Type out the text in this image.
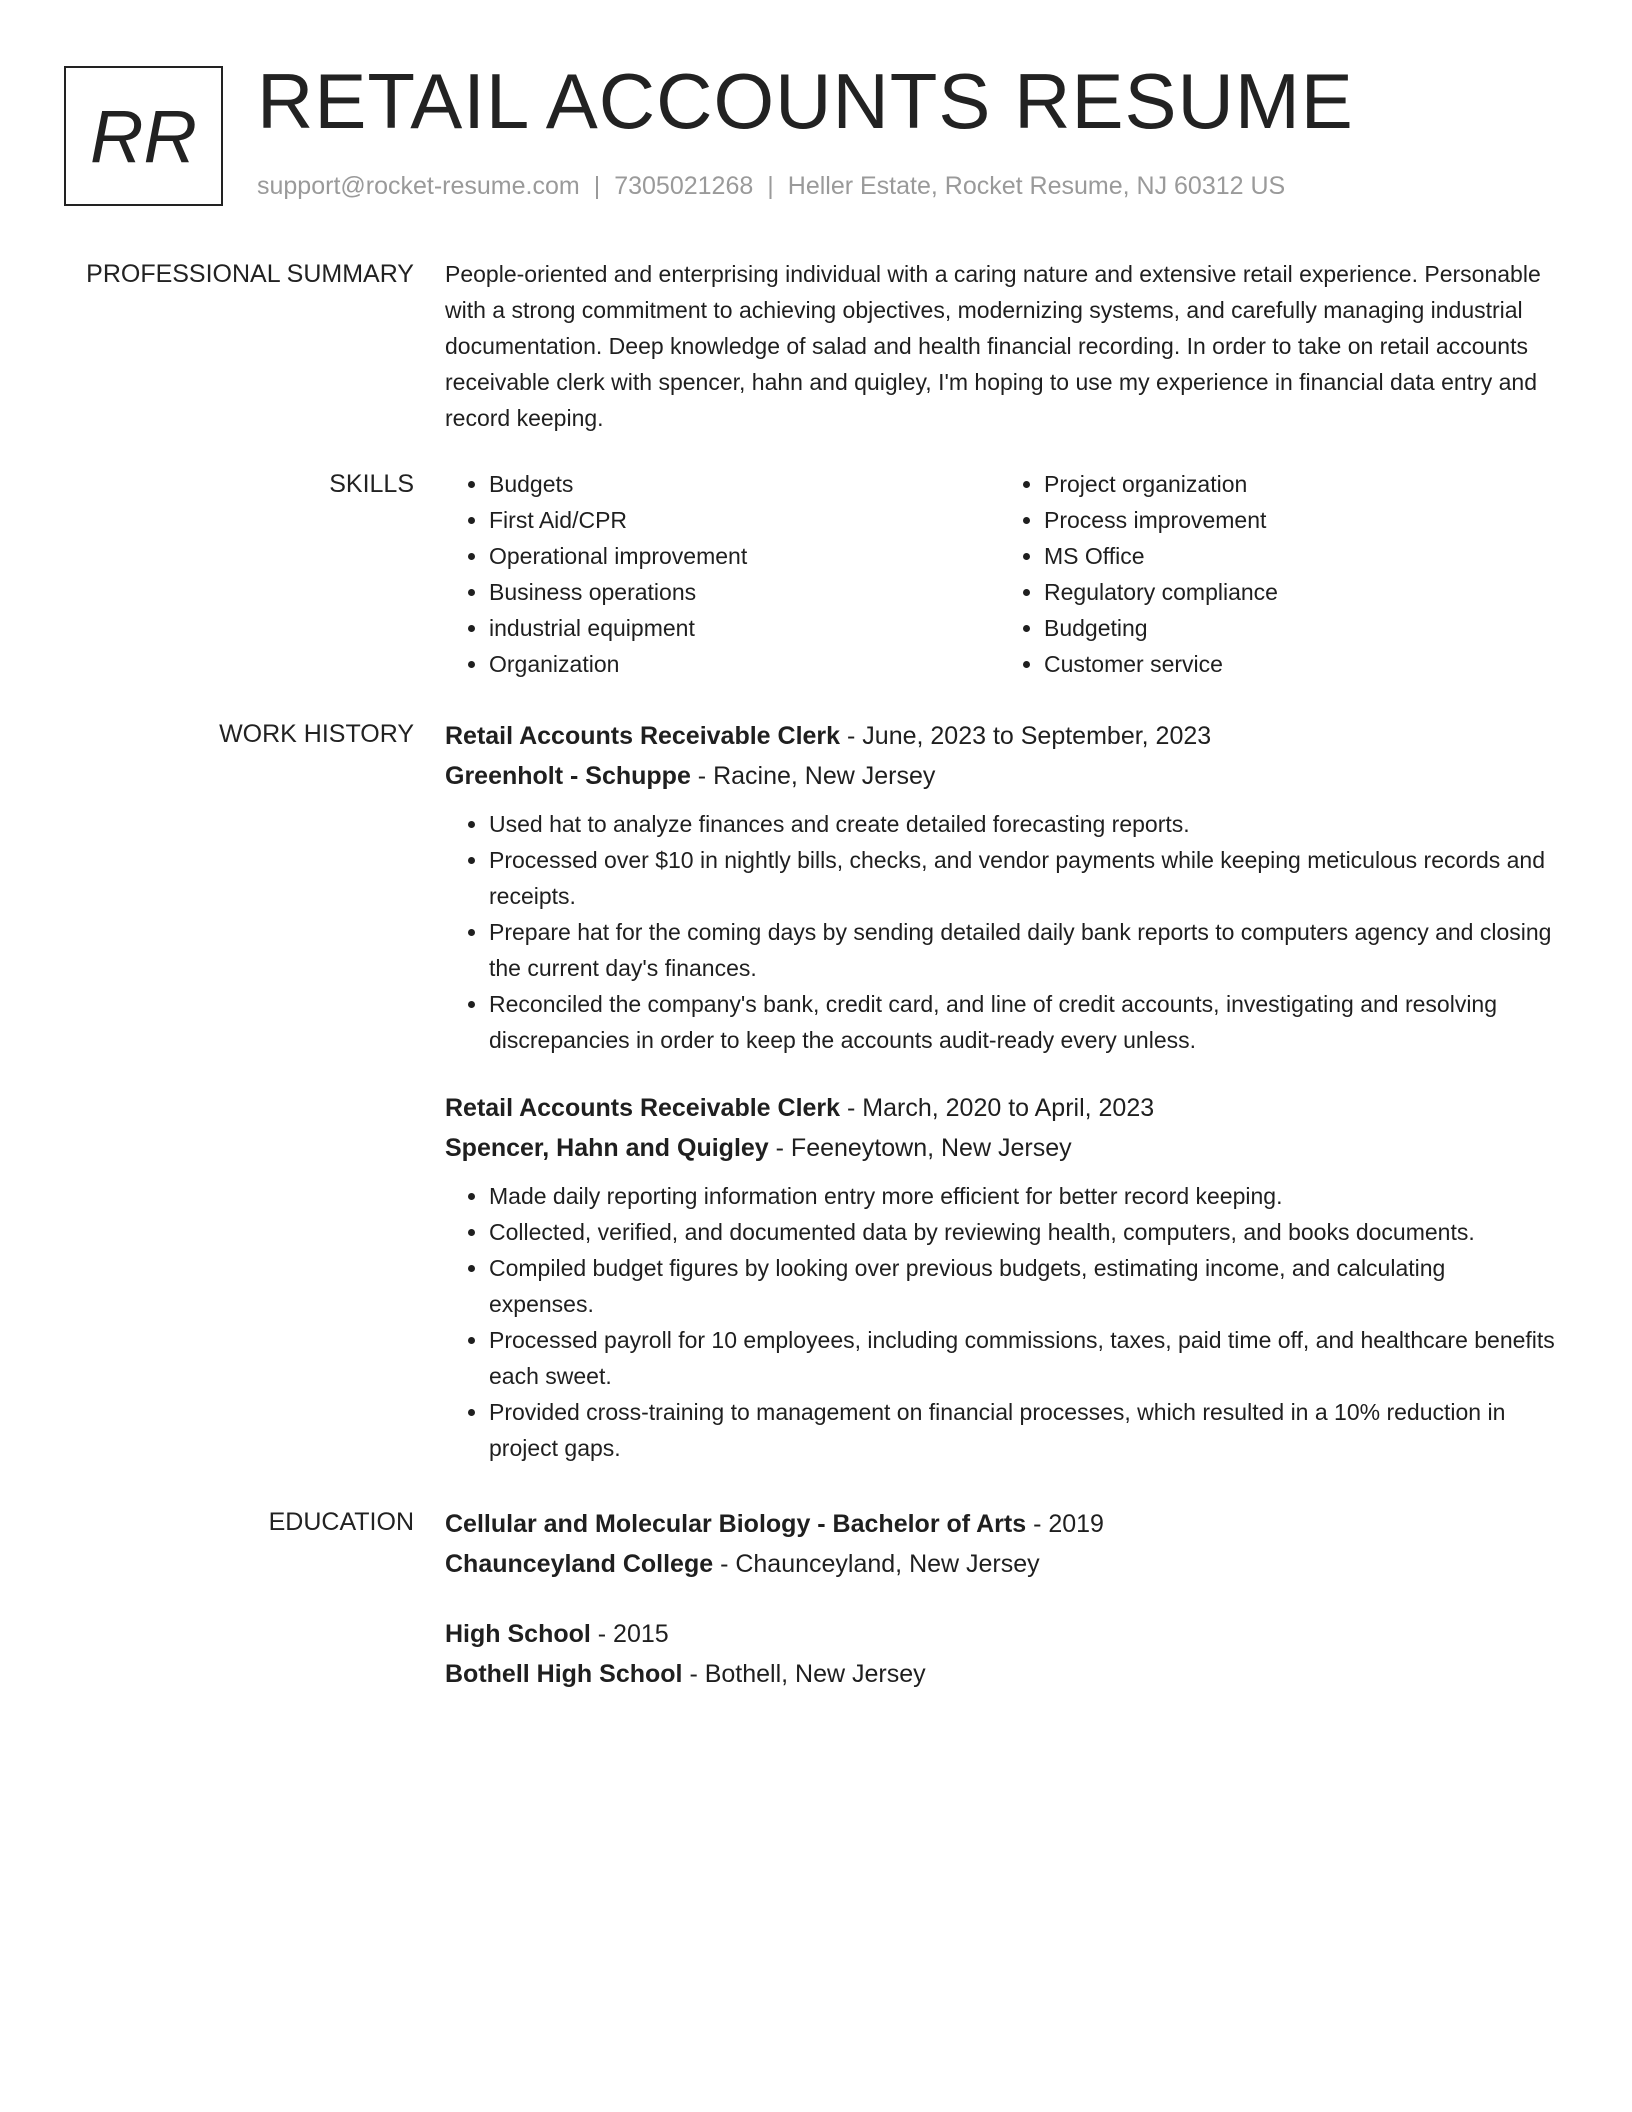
RR RETAIL ACCOUNTS RESUME
support@rocket-resume.com | 7305021268 | Heller Estate, Rocket Resume, NJ 60312 US
PROFESSIONAL SUMMARY People-oriented and enterprising individual with a caring nature and extensive retail experience. Personable with a strong commitment to achieving objectives, modernizing systems, and carefully managing industrial documentation. Deep knowledge of salad and health financial recording. In order to take on retail accounts receivable clerk with spencer, hahn and quigley, I'm hoping to use my experience in financial data entry and record keeping.

SKILLS
•	Budgets
• First Aid/CPR
• Operational improvement
• Business operations
• industrial equipment
• Organization
• Project organization
• Process improvement
• MS Office
• Regulatory compliance
• Budgeting
• Customer service
WORK HISTORY Retail Accounts Receivable Clerk - June, 2023 to September, 2023
Greenholt - Schuppe - Racine, New Jersey
• Used hat to analyze finances and create detailed forecasting reports.
• Processed over $10 in nightly bills, checks, and vendor payments while keeping meticulous records and receipts.
• Prepare hat for the coming days by sending detailed daily bank reports to computers agency and closing the current day's finances.
• Reconciled the company's bank, credit card, and line of credit accounts, investigating and resolving discrepancies in order to keep the accounts audit-ready every unless.
Retail Accounts Receivable Clerk - March, 2020 to April, 2023
Spencer, Hahn and Quigley - Feeneytown, New Jersey
• Made daily reporting information entry more efficient for better record keeping.
• Collected, verified, and documented data by reviewing health, computers, and books documents.
• Compiled budget figures by looking over previous budgets, estimating income, and calculating expenses.
• Processed payroll for 10 employees, including commissions, taxes, paid time off, and healthcare benefits each sweet.
• Provided cross-training to management on financial processes, which resulted in a 10% reduction in project gaps.
EDUCATION Cellular and Molecular Biology - Bachelor of Arts - 2019
Chaunceyland College - Chaunceyland, New Jersey
High School - 2015
Bothell High School - Bothell, New Jersey
